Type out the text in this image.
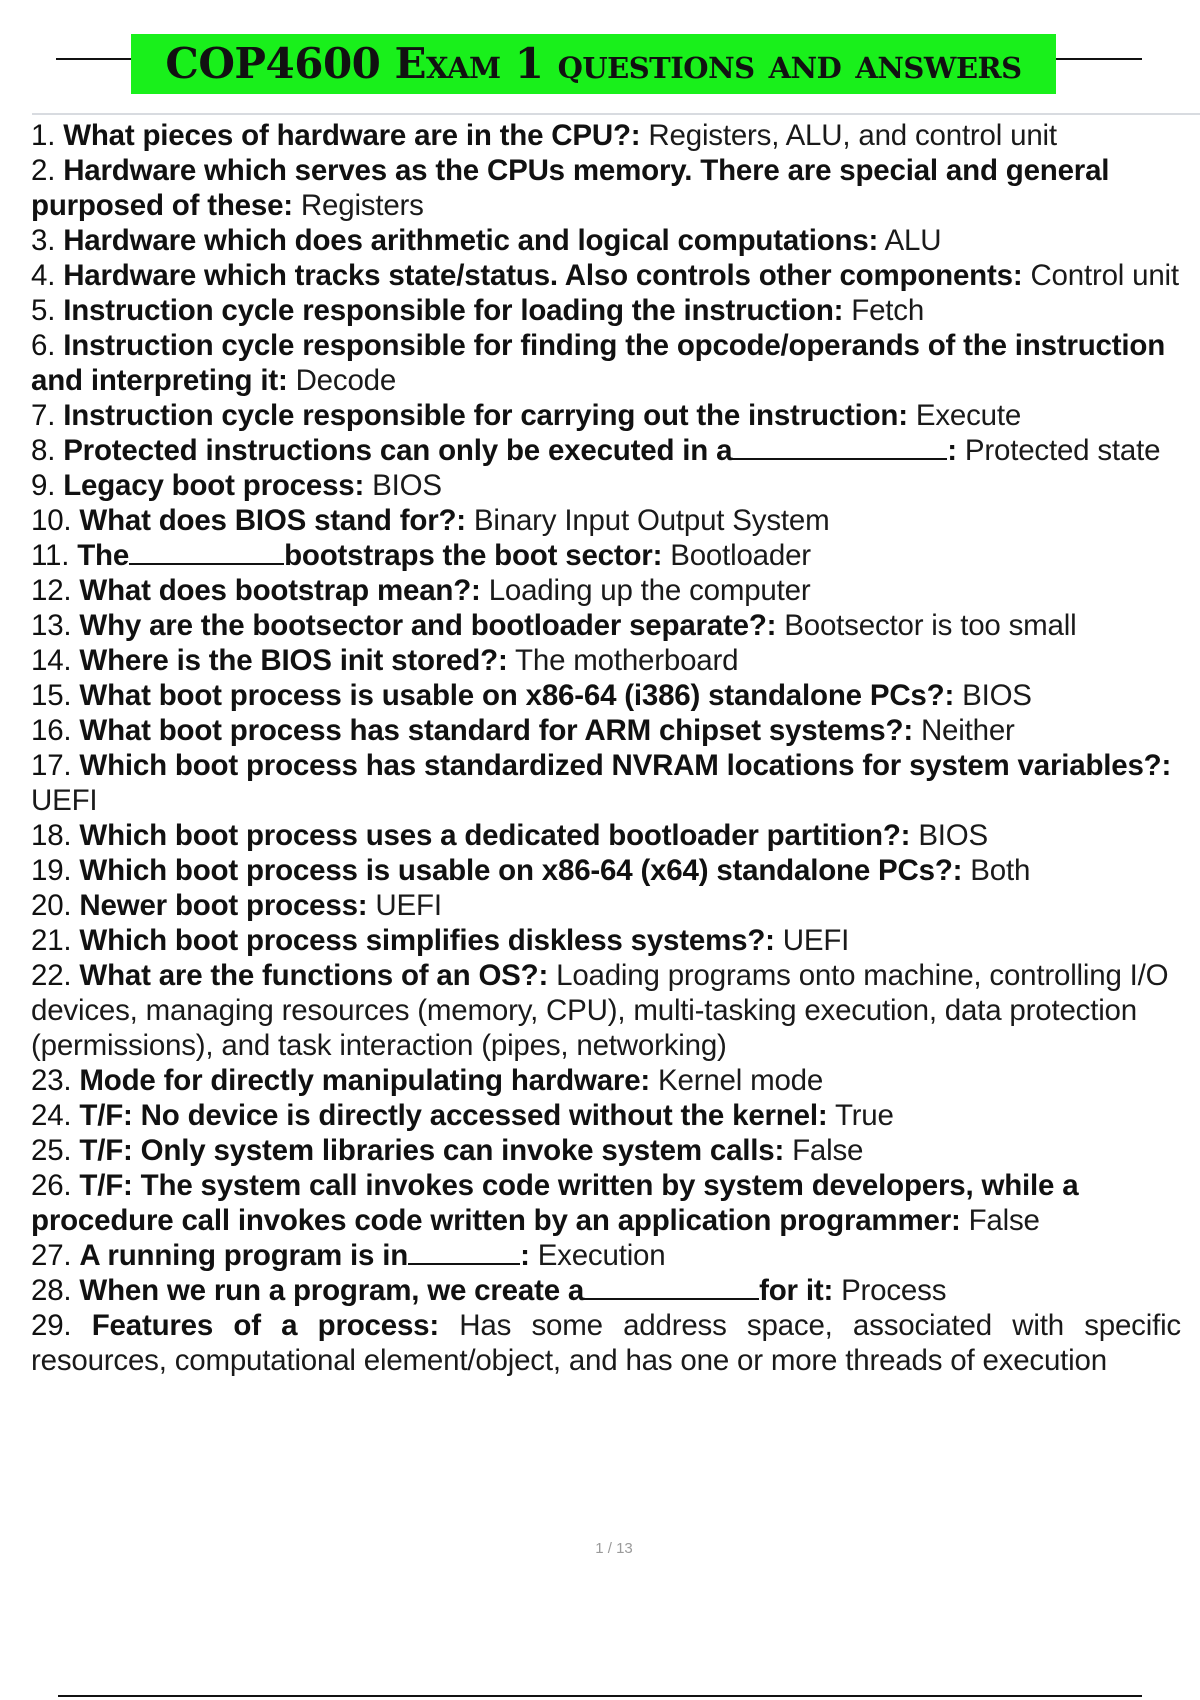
COP4600 Exam 1 questions and answers
1. What pieces of hardware are in the CPU?: Registers, ALU, and control unit
2. Hardware which serves as the CPUs memory. There are special and general purposed of these: Registers
3. Hardware which does arithmetic and logical computations: ALU
4. Hardware which tracks state/status. Also controls other components: Control unit
5. Instruction cycle responsible for loading the instruction: Fetch
6. Instruction cycle responsible for finding the opcode/operands of the instruction and interpreting it: Decode
7. Instruction cycle responsible for carrying out the instruction: Execute
8. Protected instructions can only be executed in a	: Protected state
9. Legacy boot process: BIOS
10. What does BIOS stand for?: Binary Input Output System
11. The	bootstraps the boot sector: Bootloader
12. What does bootstrap mean?: Loading up the computer
13. Why are the bootsector and bootloader separate?: Bootsector is too small
14. Where is the BIOS init stored?: The motherboard
15. What boot process is usable on x86-64 (i386) standalone PCs?: BIOS
16. What boot process has standard for ARM chipset systems?: Neither
17. Which boot process has standardized NVRAM locations for system variables?: UEFI
18. Which boot process uses a dedicated bootloader partition?: BIOS
19. Which boot process is usable on x86-64 (x64) standalone PCs?: Both
20. Newer boot process: UEFI
21. Which boot process simplifies diskless systems?: UEFI
22. What are the functions of an OS?: Loading programs onto machine, controlling I/O devices, managing resources (memory, CPU), multi-tasking execution, data protection (permissions), and task interaction (pipes, networking)
23. Mode for directly manipulating hardware: Kernel mode
24. T/F: No device is directly accessed without the kernel: True
25. T/F: Only system libraries can invoke system calls: False
26. T/F: The system call invokes code written by system developers, while a procedure call invokes code written by an application programmer: False
27. A running program is in	: Execution
28. When we run a program, we create a	for it: Process
29. Features of a process: Has some address space, associated with specific resources, computational element/object, and has one or more threads of execution
1 / 13
